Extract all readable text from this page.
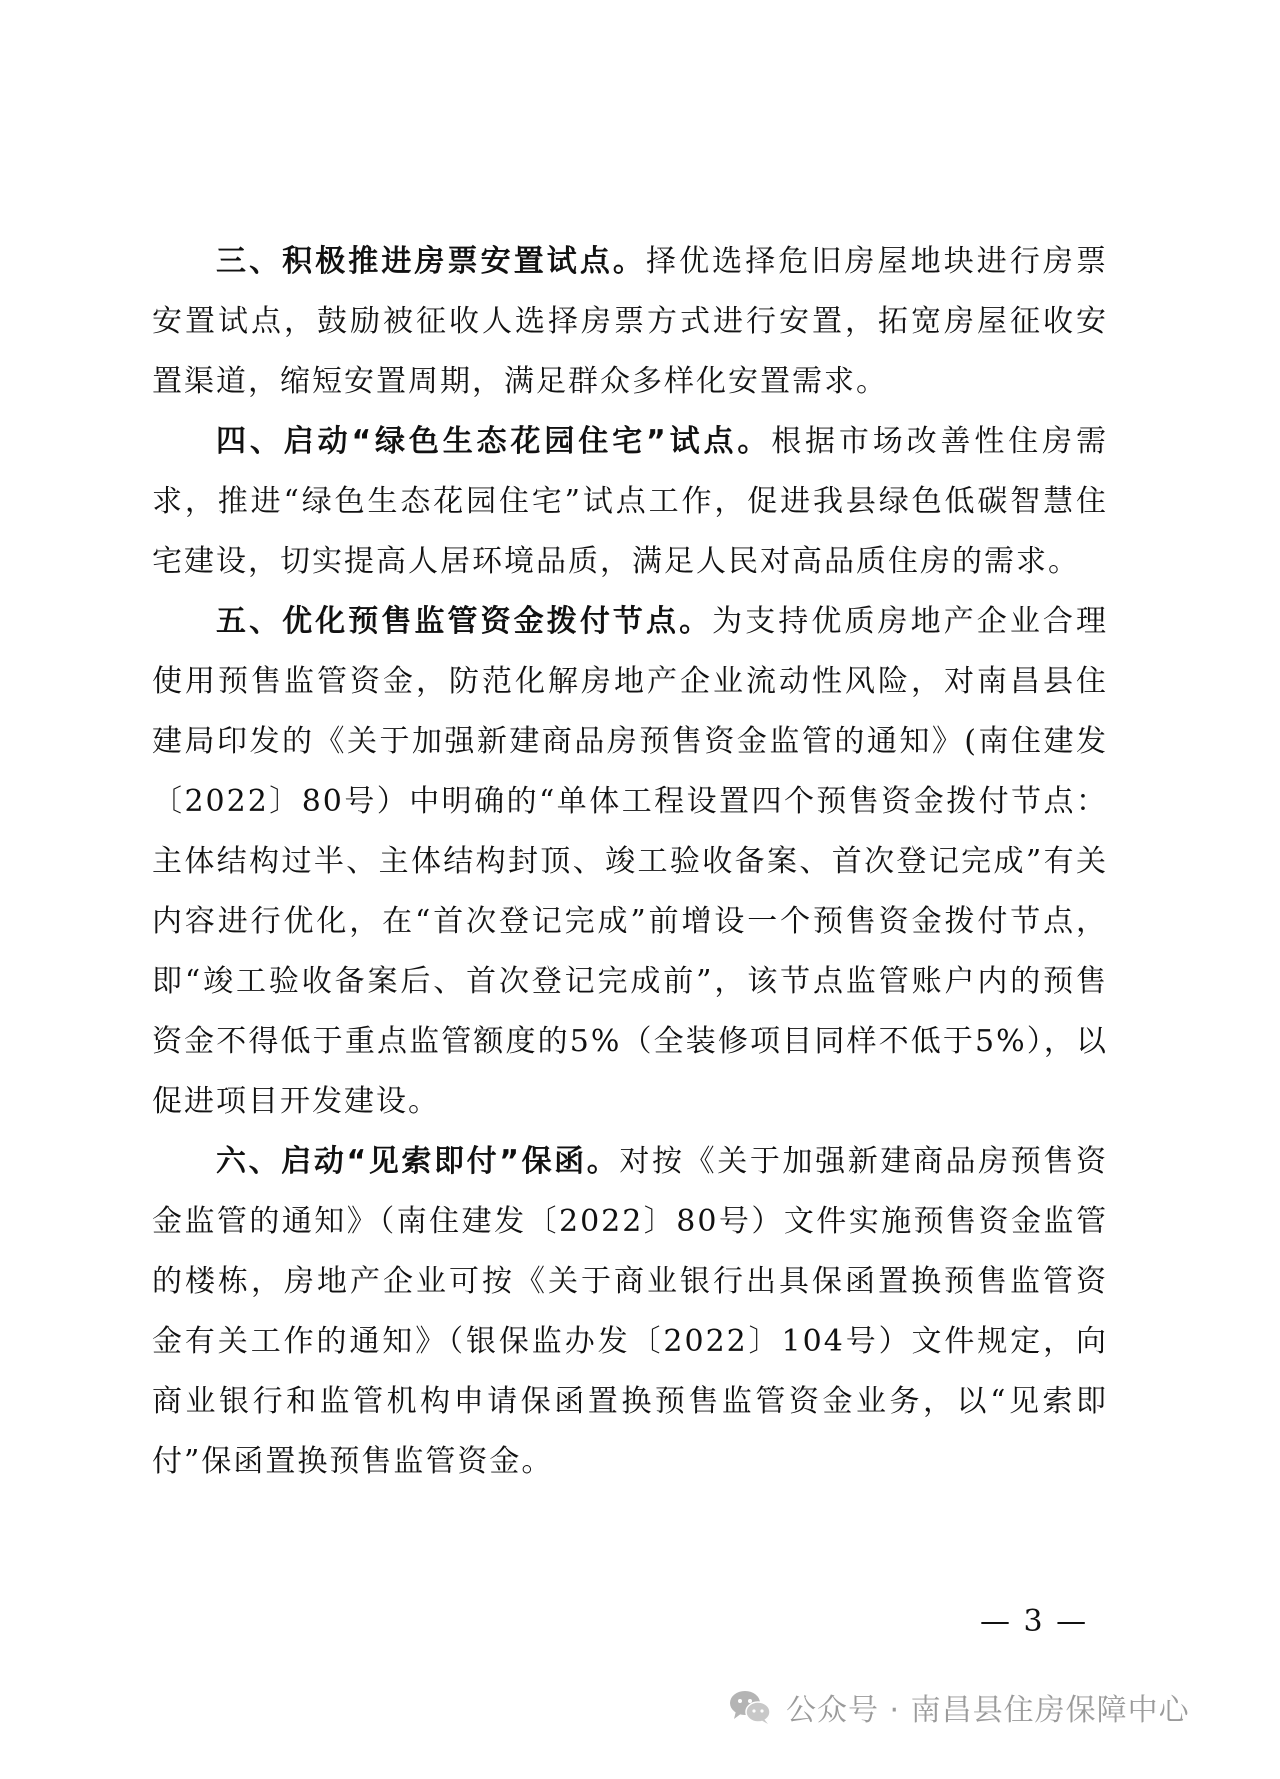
三、积极推进房票安置试点。择优选择危旧房屋地块进行房票安置试点，鼓励被征收人选择房票方式进行安置，拓宽房屋征收安置渠道，缩短安置周期，满足群众多样化安置需求。

四、启动“绿色生态花园住宅”试点。根据市场改善性住房需求，推进“绿色生态花园住宅”试点工作，促进我县绿色低碳智慧住宅建设，切实提高人居环境品质，满足人民对高品质住房的需求。

五、优化预售监管资金拨付节点。为支持优质房地产企业合理使用预售监管资金，防范化解房地产企业流动性风险，对南昌县住建局印发的《关于加强新建商品房预售资金监管的通知》(南住建发〔2022〕80号）中明确的“单体工程设置四个预售资金拨付节点：主体结构过半、主体结构封顶、竣工验收备案、首次登记完成”有关内容进行优化，在“首次登记完成”前增设一个预售资金拨付节点，即“竣工验收备案后、首次登记完成前”，该节点监管账户内的预售资金不得低于重点监管额度的5%（全装修项目同样不低于5%），以促进项目开发建设。

六、启动“见索即付”保函。对按《关于加强新建商品房预售资金监管的通知》（南住建发〔2022〕80号）文件实施预售资金监管的楼栋，房地产企业可按《关于商业银行出具保函置换预售监管资金有关工作的通知》（银保监办发〔2022〕104号）文件规定，向商业银行和监管机构申请保函置换预售监管资金业务，以“见索即付”保函置换预售监管资金。

— 3 —
公众号 · 南昌县住房保障中心
